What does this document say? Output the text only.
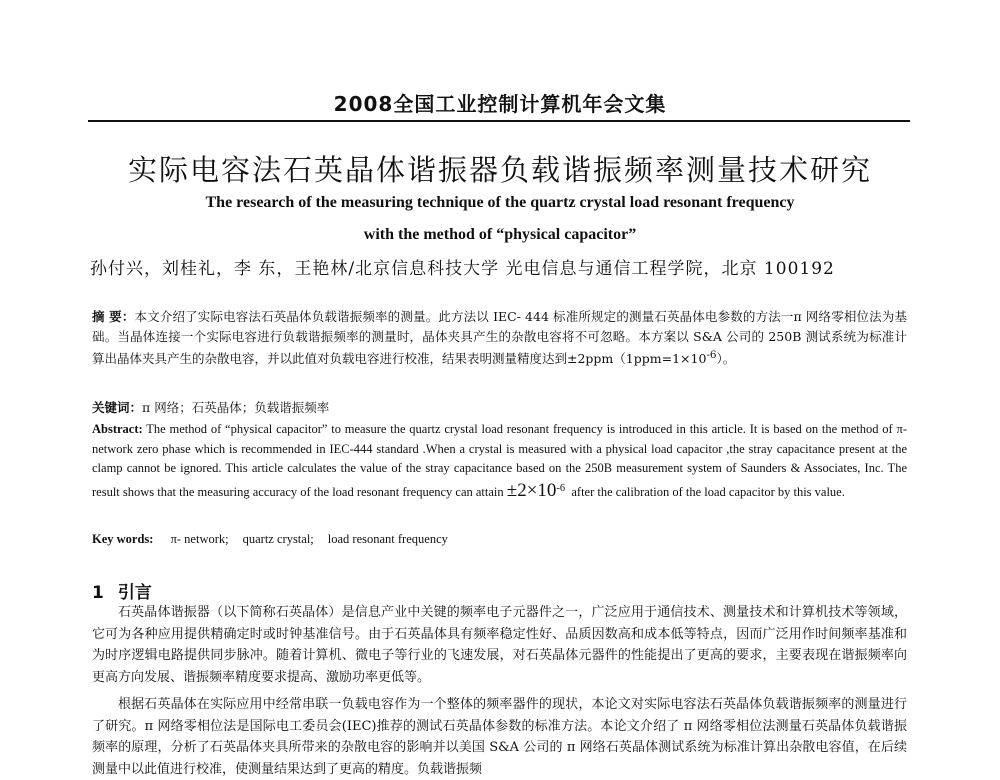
2008全国工业控制计算机年会文集
实际电容法石英晶体谐振器负载谐振频率测量技术研究
The research of the measuring technique of the quartz crystal load resonant frequency
with the method of “physical capacitor”
孙付兴，刘桂礼，李 东，王艳林/北京信息科技大学 光电信息与通信工程学院，北京 100192
摘 要：本文介绍了实际电容法石英晶体负载谐振频率的测量。此方法以 IEC- 444 标准所规定的测量石英晶体电参数的方法一π 网络零相位法为基础。当晶体连接一个实际电容进行负载谐振频率的测量时，晶体夹具产生的杂散电容将不可忽略。本方案以 S&A 公司的 250B 测试系统为标准计算出晶体夹具产生的杂散电容，并以此值对负载电容进行校准，结果表明测量精度达到$\pm 2ppm(1ppm=1\times 10^{-6})$。
关键词：π 网络；石英晶体；负载谐振频率
Abstract: The method of “physical capacitor” to measure the quartz crystal load resonant frequency is introduced in this article. It is based on the method of π- network zero phase which is recommended in IEC-444 standard .When a crystal is measured with a physical load capacitor ,the stray capacitance present at the clamp cannot be ignored. This article calculates the value of the stray capacitance based on the 250B measurement system of Saunders & Associates, Inc. The result shows that the measuring accuracy of the load resonant frequency can attain $\pm 2\times 10^{-6}$ after the calibration of the load capacitor by this value.
Key words: π- network; quartz crystal; load resonant frequency
1 引言

石英晶体谐振器（以下简称石英晶体）是信息产业中关键的频率电子元器件之一，广泛应用于通信技术、测量技术和计算机技术等领域，它可为各种应用提供精确定时或时钟基准信号。由于石英晶体具有频率稳定性好、品质因数高和成本低等特点，因而广泛用作时间频率基准和为时序逻辑电路提供同步脉冲。随着计算机、微电子等行业的飞速发展，对石英晶体元器件的性能提出了更高的要求，主要表现在谐振频率向更高方向发展、谐振频率精度要求提高、激励功率更低等。

根据石英晶体在实际应用中经常串联一负载电容作为一个整体的频率器件的现状，本论文对实际电容法石英晶体负载谐振频率的测量进行了研究。π 网络零相位法是国际电工委员会(IEC)推荐的测试石英晶体参数的标准方法。本论文介绍了 π 网络零相位法测量石英晶体负载谐振频率的原理，分析了石英晶体夹具所带来的杂散电容的影响并以美国 S&A 公司的 π 网络石英晶体测试系统为标准计算出杂散电容值，在后续测量中以此值进行校准，使测量结果达到了更高的精度。负载谐振频
